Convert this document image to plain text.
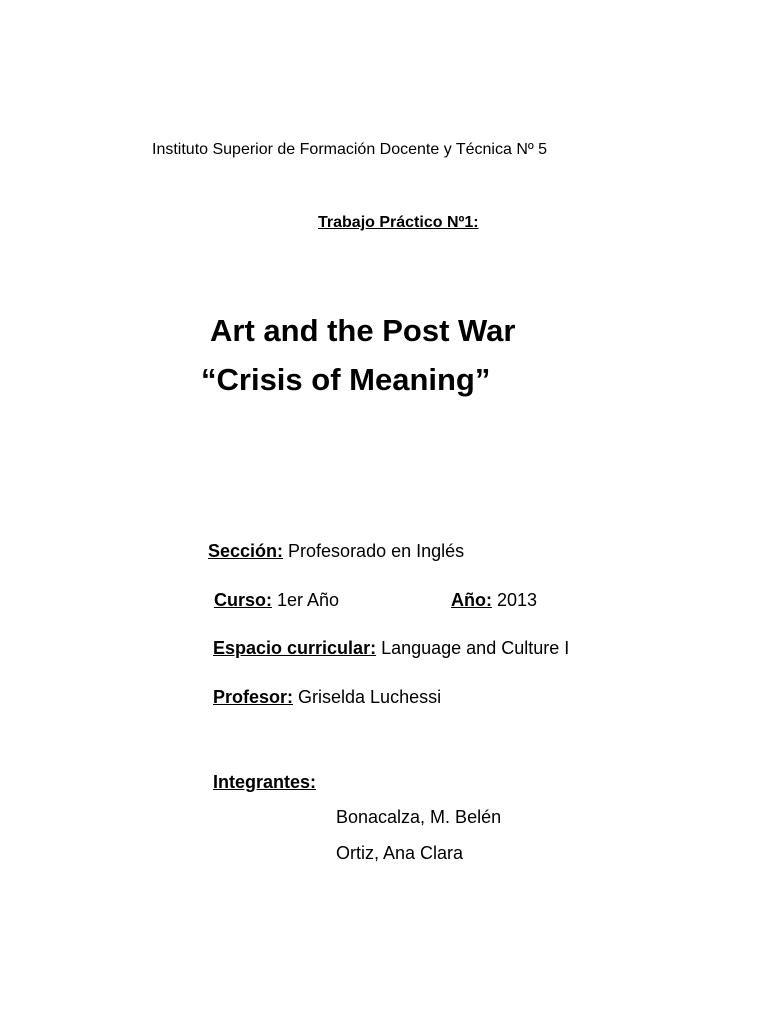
Instituto Superior de Formación Docente y Técnica Nº 5
Trabajo Práctico Nº1:
Art and the Post War
“Crisis of Meaning”
Sección: Profesorado en Inglés
Curso: 1er Año	Año: 2013
Espacio curricular: Language and Culture I
Profesor: Griselda Luchessi
Integrantes:
Bonacalza, M. Belén
Ortiz, Ana Clara
